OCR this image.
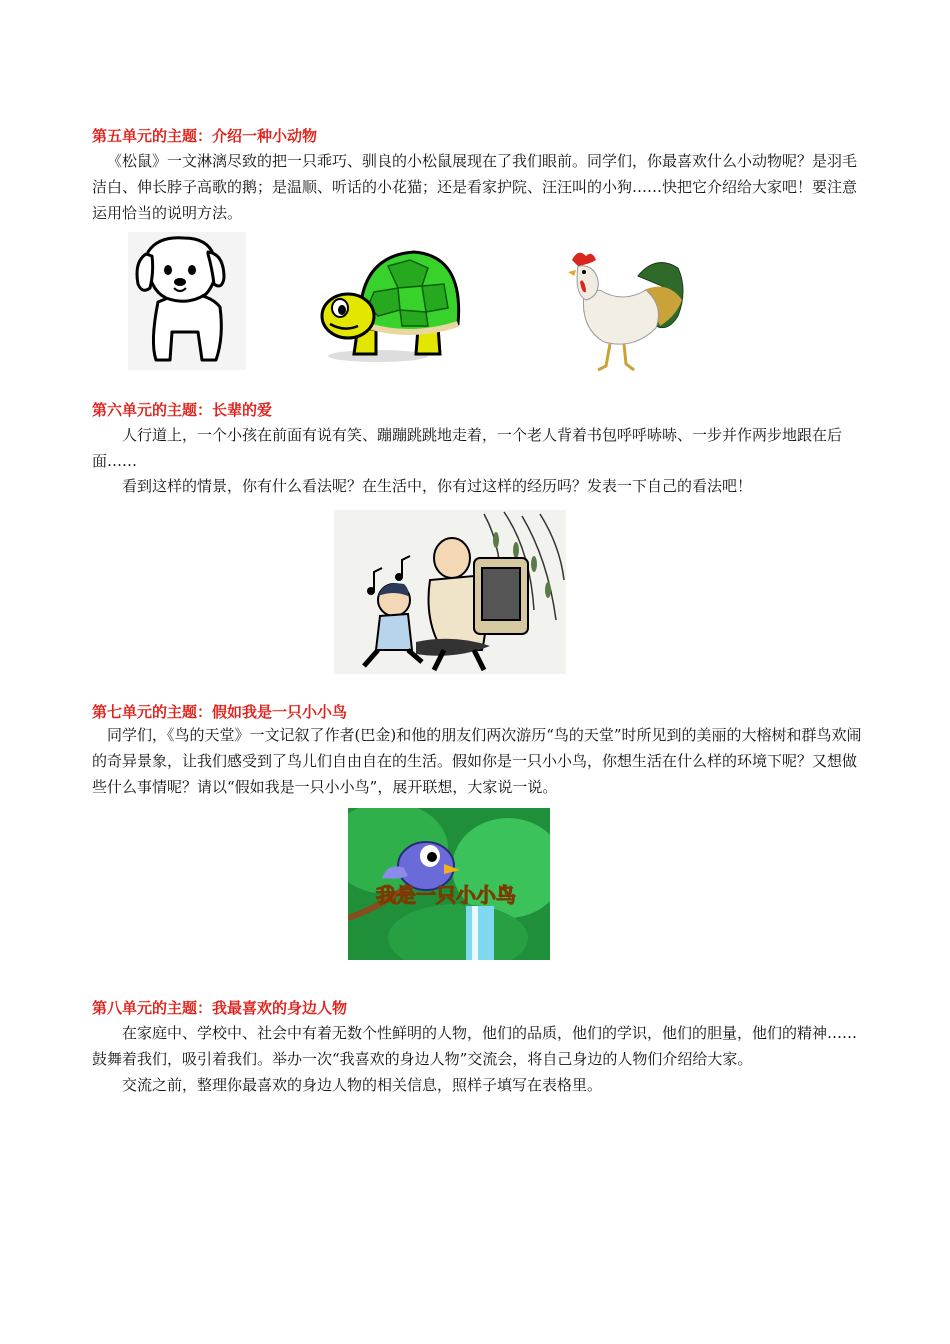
第五单元的主题：介绍一种小动物

《松鼠》一文淋漓尽致的把一只乖巧、驯良的小松鼠展现在了我们眼前。同学们，你最喜欢什么小动物呢？是羽毛洁白、伸长脖子高歌的鹅；是温顺、听话的小花猫；还是看家护院、汪汪叫的小狗……快把它介绍给大家吧！要注意运用恰当的说明方法。

第六单元的主题：长辈的爱

人行道上，一个小孩在前面有说有笑、蹦蹦跳跳地走着，一个老人背着书包呼呼哧哧、一步并作两步地跟在后面……

看到这样的情景，你有什么看法呢？在生活中，你有过这样的经历吗？发表一下自己的看法吧！

第七单元的主题：假如我是一只小小鸟

同学们，《鸟的天堂》一文记叙了作者(巴金)和他的朋友们两次游历“鸟的天堂”时所见到的美丽的大榕树和群鸟欢闹的奇异景象，让我们感受到了鸟儿们自由自在的生活。假如你是一只小小鸟，你想生活在什么样的环境下呢？又想做些什么事情呢？请以“假如我是一只小小鸟”，展开联想，大家说一说。

我是一只小小鸟
第八单元的主题：我最喜欢的身边人物

在家庭中、学校中、社会中有着无数个性鲜明的人物，他们的品质，他们的学识，他们的胆量，他们的精神……鼓舞着我们，吸引着我们。举办一次“我喜欢的身边人物”交流会，将自己身边的人物们介绍给大家。

交流之前，整理你最喜欢的身边人物的相关信息，照样子填写在表格里。
